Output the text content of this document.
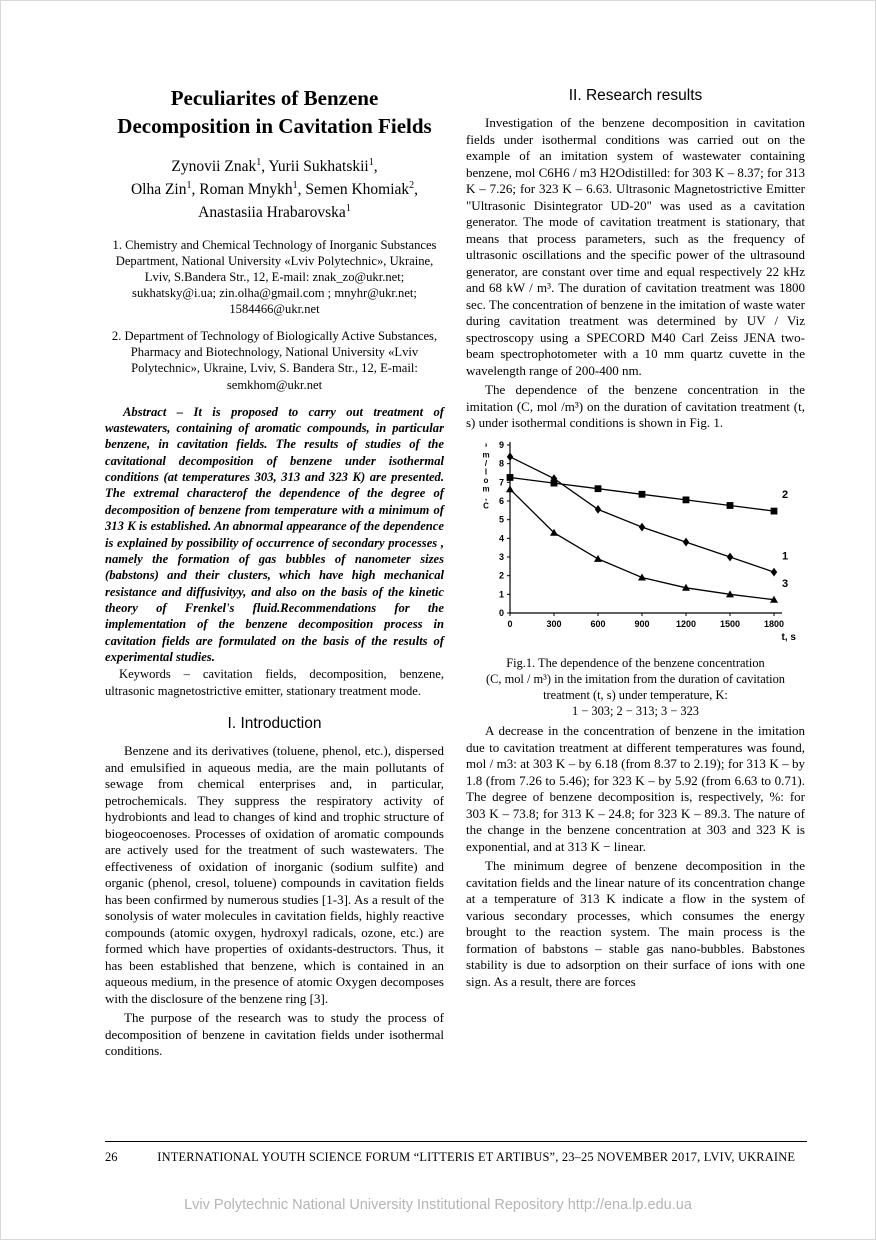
Peculiarites of Benzene Decomposition in Cavitation Fields
Zynovii Znak$^1$, Yurii Sukhatskii$^1$,
Olha Zin$^1$, Roman Mnykh$^1$, Semen Khomiak$^2$,
Anastasiia Hrabarovska$^1$
1. Chemistry and Chemical Technology of Inorganic Substances Department, National University «Lviv Polytechnic», Ukraine, Lviv, S.Bandera Str., 12, E-mail: znak_zo@ukr.net; sukhatsky@i.ua; zin.olha@gmail.com ; mnyhr@ukr.net; 1584466@ukr.net
2. Department of Technology of Biologically Active Substances, Pharmacy and Biotechnology, National University «Lviv Polytechnic», Ukraine, Lviv, S. Bandera Str., 12, E-mail: semkhom@ukr.net

Abstract – It is proposed to carry out treatment of wastewaters, containing of aromatic compounds, in particular benzene, in cavitation fields. The results of studies of the cavitational decomposition of benzene under isothermal conditions (at temperatures 303, 313 and 323 K) are presented. The extremal characterof the dependence of the degree of decomposition of benzene from temperature with a minimum of 313 K is established. An abnormal appearance of the dependence is explained by possibility of occurrence of secondary processes , namely the formation of gas bubbles of nanometer sizes (babstons) and their clusters, which have high mechanical resistance and diffusivityy, and also on the basis of the kinetic theory of Frenkel's fluid.Recommendations for the implementation of the benzene decomposition process in cavitation fields are formulated on the basis of the results of experimental studies.

Keywords – cavitation fields, decomposition, benzene, ultrasonic magnetostrictive emitter, stationary treatment mode.

I. Introduction

Benzene and its derivatives (toluene, phenol, etc.), dispersed and emulsified in aqueous media, are the main pollutants of sewage from chemical enterprises and, in particular, petrochemicals. They suppress the respiratory activity of hydrobionts and lead to changes of kind and trophic structure of biogeocoenoses. Processes of oxidation of aromatic compounds are actively used for the treatment of such wastewaters. The effectiveness of oxidation of inorganic (sodium sulfite) and organic (phenol, cresol, toluene) compounds in cavitation fields has been confirmed by numerous studies [1-3]. As a result of the sonolysis of water molecules in cavitation fields, highly reactive compounds (atomic oxygen, hydroxyl radicals, ozone, etc.) are formed which have properties of oxidants-destructors. Thus, it has been established that benzene, which is contained in an aqueous medium, in the presence of atomic Oxygen decomposes with the disclosure of the benzene ring [3].

The purpose of the research was to study the process of decomposition of benzene in cavitation fields under isothermal conditions.

II. Research results

Investigation of the benzene decomposition in cavitation fields under isothermal conditions was carried out on the example of an imitation system of wastewater containing benzene, mol C6H6 / m3 H2Odistilled: for 303 K – 8.37; for 313 K – 7.26; for 323 K – 6.63. Ultrasonic Magnetostrictive Emitter "Ultrasonic Disintegrator UD-20" was used as a cavitation generator. The mode of cavitation treatment is stationary, that means that process parameters, such as the frequency of ultrasonic oscillations and the specific power of the ultrasound generator, are constant over time and equal respectively 22 kHz and 68 kW / m³. The duration of cavitation treatment was 1800 sec. The concentration of benzene in the imitation of waste water during cavitation treatment was determined by UV / Viz spectroscopy using a SPECORD M40 Carl Zeiss JENA two-beam spectrophotometer with a 10 mm quartz cuvette in the wavelength range of 200-400 nm.

The dependence of the benzene concentration in the imitation (C, mol /m³) on the duration of cavitation treatment (t, s) under isothermal conditions is shown in Fig. 1.

0
1
2
3
4
5
6
7
8
9
0	300	600	900	1200	1500	1800
t, s
³
m
/
l
o
m
,
C
1
2
3
Fig.1. The dependence of the benzene concentration
(C, mol / m³) in the imitation from the duration of cavitation
treatment (t, s) under temperature, K:
1 − 303; 2 − 313; 3 − 323

A decrease in the concentration of benzene in the imitation due to cavitation treatment at different temperatures was found, mol / m3: at 303 K – by 6.18 (from 8.37 to 2.19); for 313 K – by 1.8 (from 7.26 to 5.46); for 323 K – by 5.92 (from 6.63 to 0.71). The degree of benzene decomposition is, respectively, %: for 303 K – 73.8; for 313 K – 24.8; for 323 K – 89.3. The nature of the change in the benzene concentration at 303 and 323 K is exponential, and at 313 K − linear.

The minimum degree of benzene decomposition in the cavitation fields and the linear nature of its concentration change at a temperature of 313 K indicate a flow in the system of various secondary processes, which consumes the energy brought to the reaction system. The main process is the formation of babstons – stable gas nano-bubbles. Babstones stability is due to adsorption on their surface of ions with one sign. As a result, there are forces

26	INTERNATIONAL YOUTH SCIENCE FORUM “LITTERIS ET ARTIBUS”, 23–25 NOVEMBER 2017, LVIV, UKRAINE
Lviv Polytechnic National University Institutional Repository http://ena.lp.edu.ua
